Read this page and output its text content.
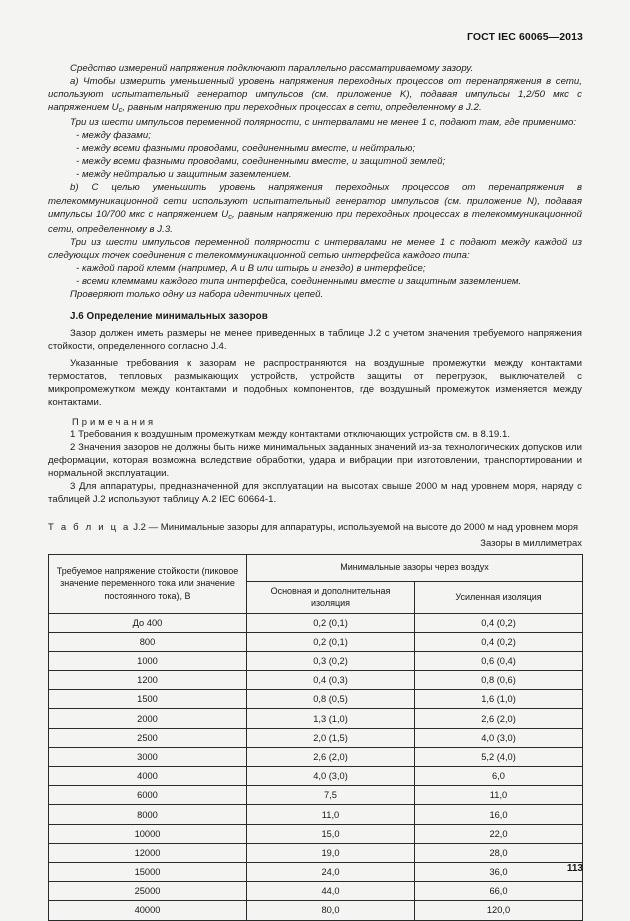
ГОСТ IEC 60065—2013

Средство измерений напряжения подключают параллельно рассматриваемому зазору.

a) Чтобы измерить уменьшенный уровень напряжения переходных процессов от перенапряжения в сети, используют испытательный генератор импульсов (см. приложение K), подавая импульсы 1,2/50 мкс с напряжением $U_c$, равным напряжению при переходных процессах в сети, определенному в J.2.

Три из шести импульсов переменной полярности, с интервалами не менее 1 с, подают там, где применимо:

- между фазами;

- между всеми фазными проводами, соединенными вместе, и нейтралью;

- между всеми фазными проводами, соединенными вместе, и защитной землей;

- между нейтралью и защитным заземлением.

b) С целью уменьшить уровень напряжения переходных процессов от перенапряжения в телекоммуникационной сети используют испытательный генератор импульсов (см. приложение N), подавая импульсы 10/700 мкс с напряжением $U_c$, равным напряжению при переходных процессах в телекоммуникационной сети, определенному в J.3.

Три из шести импульсов переменной полярности с интервалами не менее 1 с подают между каждой из следующих точек соединения с телекоммуникационной сетью интерфейса каждого типа:

- каждой парой клемм (например, A и B или штырь и гнездо) в интерфейсе;

- всеми клеммами каждого типа интерфейса, соединенными вместе и защитным заземлением.

Проверяют только одну из набора идентичных цепей.

J.6 Определение минимальных зазоров

Зазор должен иметь размеры не менее приведенных в таблице J.2 с учетом значения требуемого напряжения стойкости, определенного согласно J.4.

Указанные требования к зазорам не распространяются на воздушные промежутки между контактами термостатов, тепловых размыкающих устройств, устройств защиты от перегрузок, выключателей с микропромежутком между контактами и подобных компонентов, где воздушный промежуток изменяется между контактами.

Примечания

1 Требования к воздушным промежуткам между контактами отключающих устройств см. в 8.19.1.

2 Значения зазоров не должны быть ниже минимальных заданных значений из-за технологических допусков или деформации, которая возможна вследствие обработки, удара и вибрации при изготовлении, транспортировании и нормальной эксплуатации.

3 Для аппаратуры, предназначенной для эксплуатации на высотах свыше 2000 м над уровнем моря, наряду с таблицей J.2 используют таблицу A.2 IEC 60664-1.

Т а б л и ц а J.2 — Минимальные зазоры для аппаратуры, используемой на высоте до 2000 м над уровнем моря

Зазоры в миллиметрах

Требуемое напряжение стойкости (пиковое значение переменного тока или значение постоянного тока), В	Минимальные зазоры через воздух	
	Основная и дополнительная изоляция	Усиленная изоляция
До 400	0,2 (0,1)	0,4 (0,2)
800	0,2 (0,1)	0,4 (0,2)
1000	0,3 (0,2)	0,6 (0,4)
1200	0,4 (0,3)	0,8 (0,6)
1500	0,8 (0,5)	1,6 (1,0)
2000	1,3 (1,0)	2,6 (2,0)
2500	2,0 (1,5)	4,0 (3,0)
3000	2,6 (2,0)	5,2 (4,0)
4000	4,0 (3,0)	6,0
6000	7,5	11,0
8000	11,0	16,0
10000	15,0	22,0
12000	19,0	28,0
15000	24,0	36,0
25000	44,0	66,0
40000	80,0	120,0
113
